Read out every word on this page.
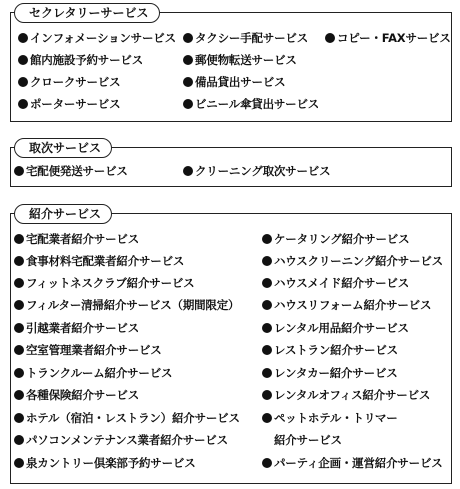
セクレタリーサービス
インフォメーションサービス	タクシー手配サービス	コピー・FAXサービス
館内施設予約サービス	郵便物転送サービス
クロークサービス	備品貸出サービス
ポーターサービス	ビニール傘貸出サービス
取次サービス
宅配便発送サービス	クリーニング取次サービス
紹介サービス
宅配業者紹介サービス
食事材料宅配業者紹介サービス
フィットネスクラブ紹介サービス
フィルター清掃紹介サービス（期間限定）
引越業者紹介サービス
空室管理業者紹介サービス
トランクルーム紹介サービス
各種保険紹介サービス
ホテル（宿泊・レストラン）紹介サービス
パソコンメンテナンス業者紹介サービス
泉カントリー倶楽部予約サービス
ケータリング紹介サービス
ハウスクリーニング紹介サービス
ハウスメイド紹介サービス
ハウスリフォーム紹介サービス
レンタル用品紹介サービス
レストラン紹介サービス
レンタカー紹介サービス
レンタルオフィス紹介サービス
ペットホテル・トリマー
紹介サービス
パーティ企画・運営紹介サービス
